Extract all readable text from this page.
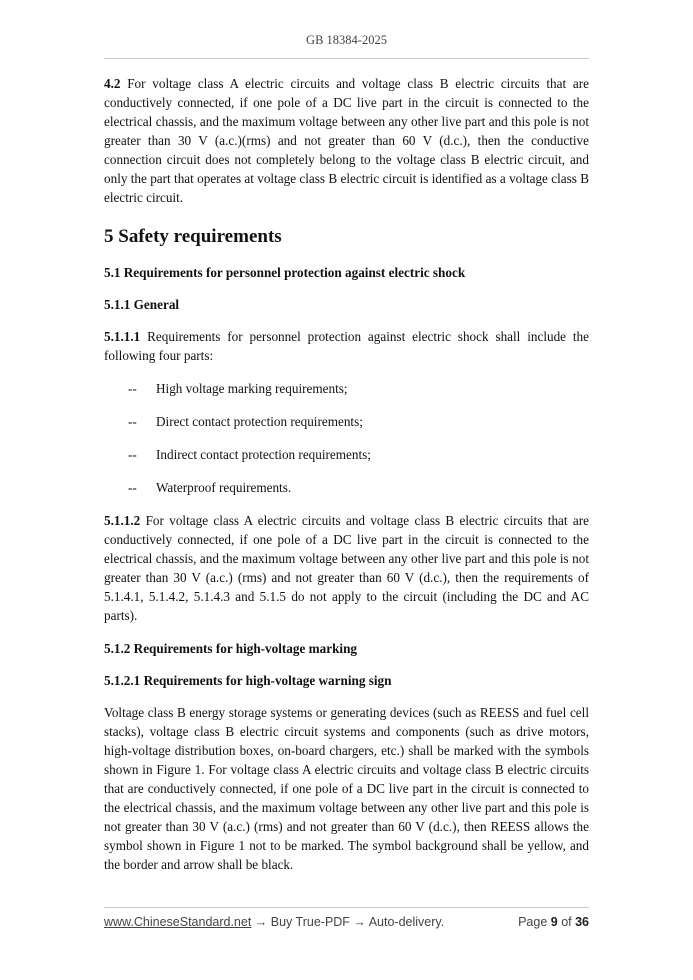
GB 18384-2025

4.2 For voltage class A electric circuits and voltage class B electric circuits that are conductively connected, if one pole of a DC live part in the circuit is connected to the electrical chassis, and the maximum voltage between any other live part and this pole is not greater than 30 V (a.c.)(rms) and not greater than 60 V (d.c.), then the conductive connection circuit does not completely belong to the voltage class B electric circuit, and only the part that operates at voltage class B electric circuit is identified as a voltage class B electric circuit.

5 Safety requirements
5.1 Requirements for personnel protection against electric shock
5.1.1 General

5.1.1.1 Requirements for personnel protection against electric shock shall include the following four parts:

-- High voltage marking requirements;
-- Direct contact protection requirements;
-- Indirect contact protection requirements;
-- Waterproof requirements.

5.1.1.2 For voltage class A electric circuits and voltage class B electric circuits that are conductively connected, if one pole of a DC live part in the circuit is connected to the electrical chassis, and the maximum voltage between any other live part and this pole is not greater than 30 V (a.c.) (rms) and not greater than 60 V (d.c.), then the requirements of 5.1.4.1, 5.1.4.2, 5.1.4.3 and 5.1.5 do not apply to the circuit (including the DC and AC parts).

5.1.2 Requirements for high-voltage marking
5.1.2.1 Requirements for high-voltage warning sign

Voltage class B energy storage systems or generating devices (such as REESS and fuel cell stacks), voltage class B electric circuit systems and components (such as drive motors, high-voltage distribution boxes, on-board chargers, etc.) shall be marked with the symbols shown in Figure 1. For voltage class A electric circuits and voltage class B electric circuits that are conductively connected, if one pole of a DC live part in the circuit is connected to the electrical chassis, and the maximum voltage between any other live part and this pole is not greater than 30 V (a.c.) (rms) and not greater than 60 V (d.c.), then REESS allows the symbol shown in Figure 1 not to be marked. The symbol background shall be yellow, and the border and arrow shall be black.

www.ChineseStandard.net → Buy True-PDF → Auto-delivery.	Page 9 of 36
